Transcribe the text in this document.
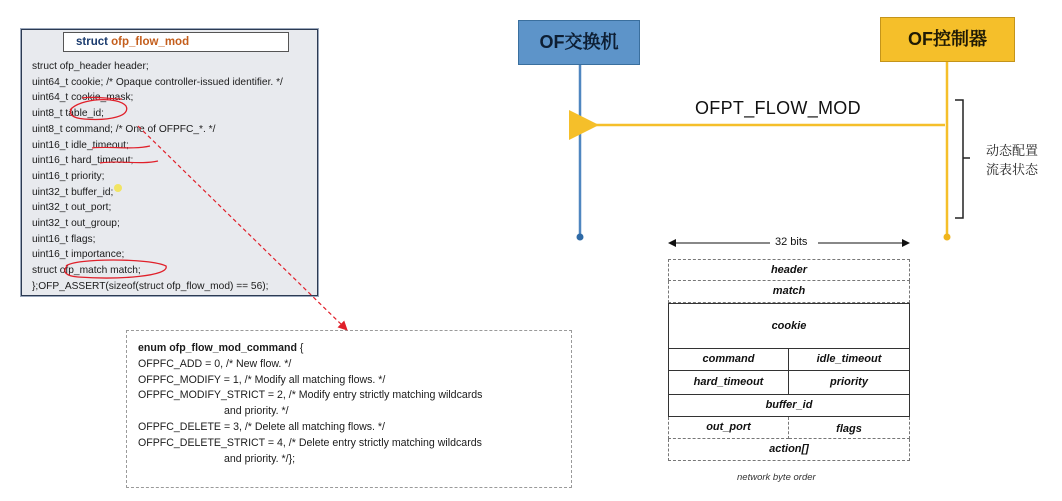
struct ofp_flow_mod
struct ofp_header header;
uint64_t cookie; /* Opaque controller-issued identifier. */
uint64_t cookie_mask;
uint8_t table_id;
uint8_t command; /* One of OFPFC_*. */
uint16_t idle_timeout;
uint16_t hard_timeout;
uint16_t priority;
uint32_t buffer_id;
uint32_t out_port;
uint32_t out_group;
uint16_t flags;
uint16_t importance;
struct ofp_match match;
};OFP_ASSERT(sizeof(struct ofp_flow_mod) == 56);
enum ofp_flow_mod_command {
OFPFC_ADD = 0, /* New flow. */
OFPFC_MODIFY = 1, /* Modify all matching flows. */
OFPFC_MODIFY_STRICT = 2, /* Modify entry strictly matching wildcards
and priority. */
OFPFC_DELETE = 3, /* Delete all matching flows. */
OFPFC_DELETE_STRICT = 4, /* Delete entry strictly matching wildcards
and priority. */};
OF交换机	OF控制器
OFPT_FLOW_MOD
动态配置
流表状态
32 bits
header
match
cookie
command	idle_timeout
hard_timeout	priority
buffer_id
out_port	flags
action[]
network byte order
